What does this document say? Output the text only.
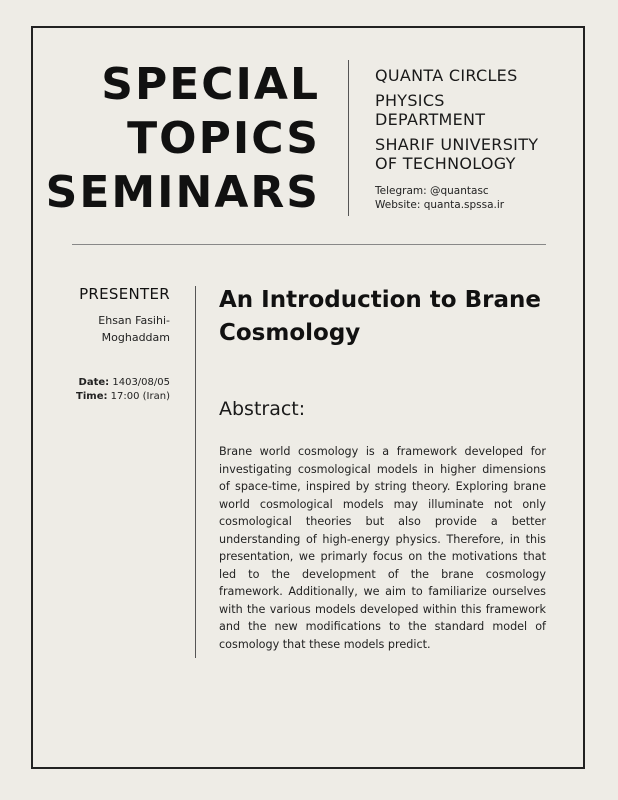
SPECIAL
TOPICS
SEMINARS
QUANTA CIRCLES
PHYSICS
DEPARTMENT
SHARIF UNIVERSITY
OF TECHNOLOGY
Telegram: @quantasc
Website: quanta.spssa.ir
PRESENTER
Ehsan Fasihi-Moghaddam
Date: 1403/08/05
Time: 17:00 (Iran)
An Introduction to Brane Cosmology
Abstract:
Brane world cosmology is a framework developed for investigating cosmological models in higher dimensions of space-time, inspired by string theory. Exploring brane world cosmological models may illuminate not only cosmological theories but also provide a better understanding of high-energy physics. Therefore, in this presentation, we primarly focus on the motivations that led to the development of the brane cosmology framework. Additionally, we aim to familiarize ourselves with the various models developed within this framework and the new modifications to the standard model of cosmology that these models predict.
